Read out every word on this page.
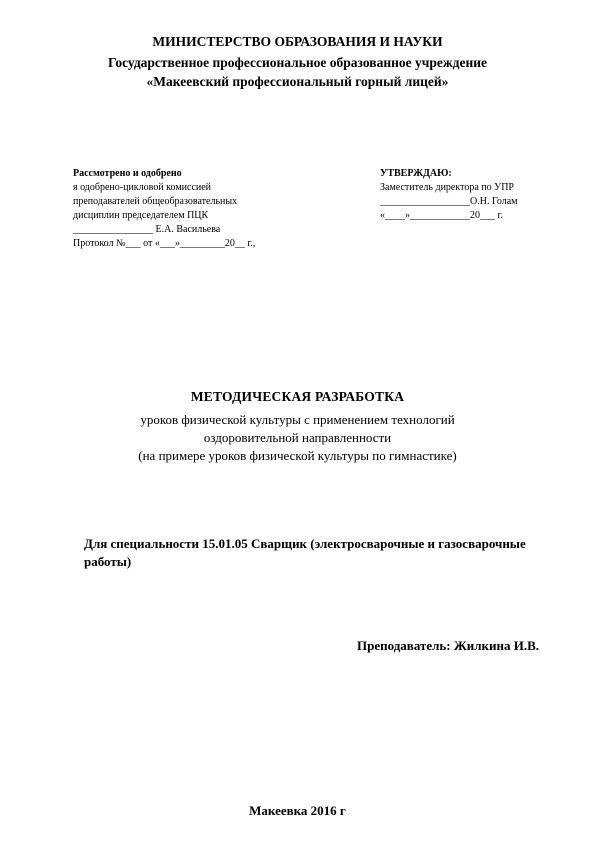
МИНИСТЕРСТВО ОБРАЗОВАНИЯ И НАУКИ
Государственное профессиональное образованное учреждение
«Макеевский профессиональный горный лицей»
Рассмотрено и одобрено
я одобрено-цикловой комиссией
преподавателей общеобразовательных
дисциплин председателем ПЦК
________________ Е.А. Васильева
Протокол №___ от «___»_________20__ г.,
УТВЕРЖДАЮ:
Заместитель директора по УПР
__________________О.Н. Голам
«____»____________20___ г.
МЕТОДИЧЕСКАЯ РАЗРАБОТКА
уроков физической культуры с применением технологий
оздоровительной направленности
(на примере уроков физической культуры по гимнастике)
Для специальности 15.01.05 Сварщик (электросварочные и газосварочные
работы)
Преподаватель: Жилкина И.В.
Макеевка 2016 г
